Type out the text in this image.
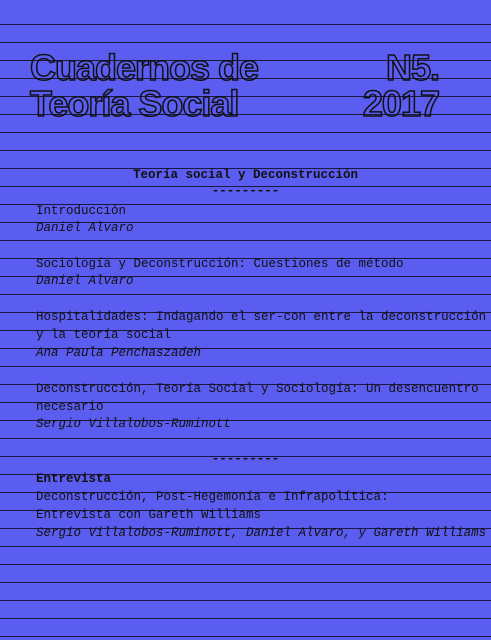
Cuadernos de
Teoría Social
N5.
2017
Teoría social y Deconstrucción
---------
Introducción
Daniel Alvaro
Sociología y Deconstrucción: Cuestiones de método
Daniel Alvaro
Hospitalidades: Indagando el ser-con entre la deconstrucción
y la teoría social
Ana Paula Penchaszadeh
Deconstrucción, Teoría Social y Sociología: Un desencuentro
necesario
Sergio Villalobos-Ruminott
---------
Entrevista
Deconstrucción, Post-Hegemonía e Infrapolítica:
Entrevista con Gareth Williams
Sergio Villalobos-Ruminott, Daniel Alvaro, y Gareth Williams
